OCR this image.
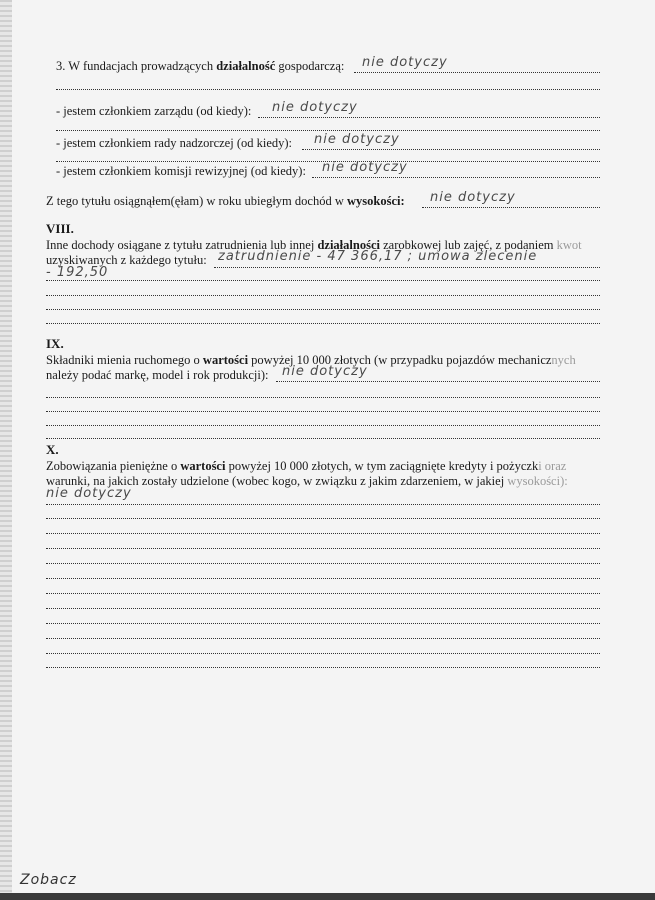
3. W fundacjach prowadzących działalność gospodarczą: nie dotyczy
- jestem członkiem zarządu (od kiedy): nie dotyczy
- jestem członkiem rady nadzorczej (od kiedy): nie dotyczy
- jestem członkiem komisji rewizyjnej (od kiedy): nie dotyczy
Z tego tytułu osiągnąłem(ęłam) w roku ubiegłym dochód w wysokości: nie dotyczy
VIII.
Inne dochody osiągane z tytułu zatrudnienia lub innej działalności zarobkowej lub zajęć, z podaniem kwot
uzyskiwanych z każdego tytułu: zatrudnienie - 47 366,17 ; umowa zlecenie
- 192,50
IX.
Składniki mienia ruchomego o wartości powyżej 10 000 złotych (w przypadku pojazdów mechanicznych
należy podać markę, model i rok produkcji): nie dotyczy
X.
Zobowiązania pieniężne o wartości powyżej 10 000 złotych, w tym zaciągnięte kredyty i pożyczki oraz
warunki, na jakich zostały udzielone (wobec kogo, w związku z jakim zdarzeniem, w jakiej wysokości):
nie dotyczy
Zobacz
